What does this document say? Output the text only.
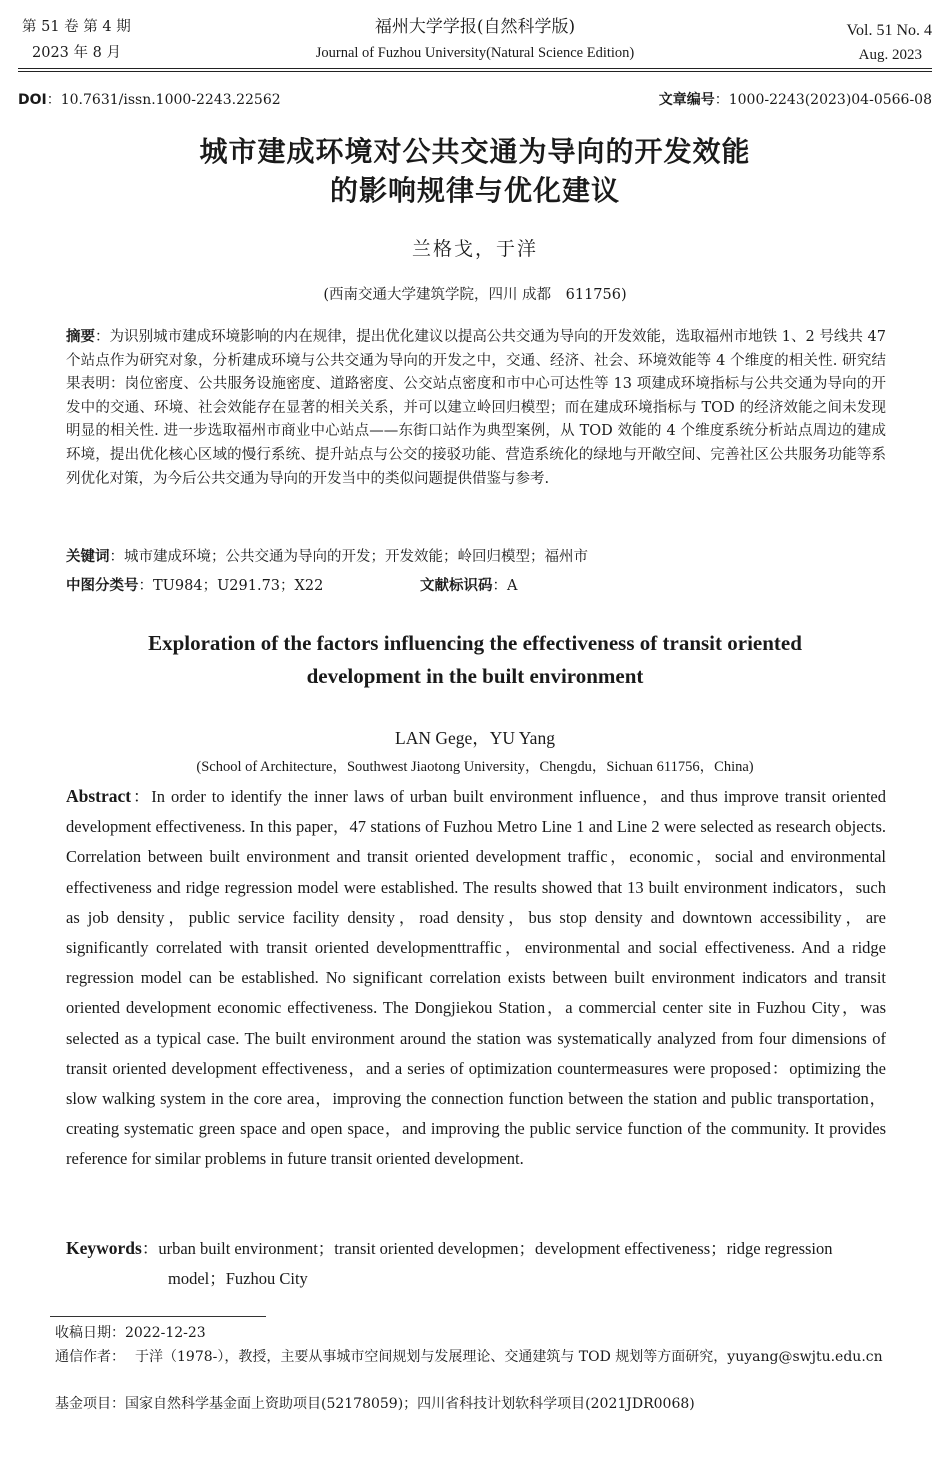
第 51 卷 第 4 期
2023 年 8 月
福州大学学报(自然科学版)
Journal of Fuzhou University(Natural Science Edition)
Vol. 51 No. 4
Aug. 2023
DOI：10.7631/issn.1000-2243.22562	文章编号：1000-2243(2023)04-0566-08
城市建成环境对公共交通为导向的开发效能
的影响规律与优化建议
兰格戈，于洋
(西南交通大学建筑学院，四川 成都　611756)
摘要：为识别城市建成环境影响的内在规律，提出优化建议以提高公共交通为导向的开发效能，选取福州市地铁 1、2 号线共 47 个站点作为研究对象，分析建成环境与公共交通为导向的开发之中，交通、经济、社会、环境效能等 4 个维度的相关性. 研究结果表明：岗位密度、公共服务设施密度、道路密度、公交站点密度和市中心可达性等 13 项建成环境指标与公共交通为导向的开发中的交通、环境、社会效能存在显著的相关关系，并可以建立岭回归模型；而在建成环境指标与 TOD 的经济效能之间未发现明显的相关性. 进一步选取福州市商业中心站点——东街口站作为典型案例，从 TOD 效能的 4 个维度系统分析站点周边的建成环境，提出优化核心区域的慢行系统、提升站点与公交的接驳功能、营造系统化的绿地与开敞空间、完善社区公共服务功能等系列优化对策，为今后公共交通为导向的开发当中的类似问题提供借鉴与参考.
关键词：城市建成环境；公共交通为导向的开发；开发效能；岭回归模型；福州市
中图分类号：TU984；U291.73；X22	文献标识码：A
Exploration of the factors influencing the effectiveness of transit oriented
development in the built environment
LAN Gege，YU Yang
(School of Architecture，Southwest Jiaotong University，Chengdu，Sichuan 611756，China)
Abstract：In order to identify the inner laws of urban built environment influence，and thus improve transit oriented development effectiveness. In this paper，47 stations of Fuzhou Metro Line 1 and Line 2 were selected as research objects. Correlation between built environment and transit oriented development traffic，economic，social and environmental effectiveness and ridge regression model were established. The results showed that 13 built environment indicators，such as job density，public service facility density，road density，bus stop density and downtown accessibility，are significantly correlated with transit oriented developmenttraffic，environmental and social effectiveness. And a ridge regression model can be established. No significant correlation exists between built environment indicators and transit oriented development economic effectiveness. The Dongjiekou Station，a commercial center site in Fuzhou City，was selected as a typical case. The built environment around the station was systematically analyzed from four dimensions of transit oriented development effectiveness，and a series of optimization countermeasures were proposed：optimizing the slow walking system in the core area，improving the connection function between the station and public transportation，creating systematic green space and open space，and improving the public service function of the community. It provides reference for similar problems in future transit oriented development.
Keywords：urban built environment；transit oriented developmen；development effectiveness；ridge regression model；Fuzhou City
收稿日期：2022-12-23
通信作者： 于洋（1978-），教授，主要从事城市空间规划与发展理论、交通建筑与 TOD 规划等方面研究，yuyang@swjtu.edu.cn
基金项目：国家自然科学基金面上资助项目(52178059)；四川省科技计划软科学项目(2021JDR0068)
